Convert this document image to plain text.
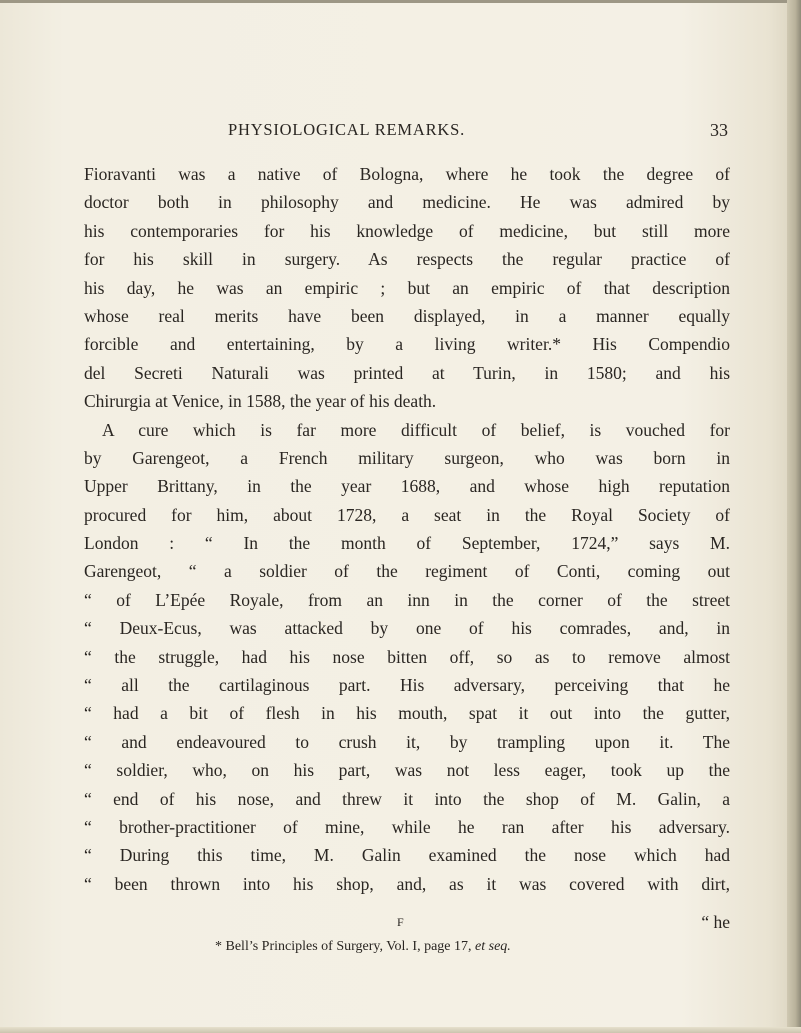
PHYSIOLOGICAL REMARKS.	33
Fioravanti was a native of Bologna, where he took the degree of
doctor both in philosophy and medicine. He was admired by
his contemporaries for his knowledge of medicine, but still more
for his skill in surgery. As respects the regular practice of
his day, he was an empiric ; but an empiric of that description
whose real merits have been displayed, in a manner equally
forcible and entertaining, by a living writer.* His Compendio
del Secreti Naturali was printed at Turin, in 1580; and his
Chirurgia at Venice, in 1588, the year of his death.
A cure which is far more difficult of belief, is vouched for
by Garengeot, a French military surgeon, who was born in
Upper Brittany, in the year 1688, and whose high reputation
procured for him, about 1728, a seat in the Royal Society of
London : “ In the month of September, 1724,” says M.
Garengeot, “ a soldier of the regiment of Conti, coming out
“ of L’Epée Royale, from an inn in the corner of the street
“ Deux-Ecus, was attacked by one of his comrades, and, in
“ the struggle, had his nose bitten off, so as to remove almost
“ all the cartilaginous part. His adversary, perceiving that he
“ had a bit of flesh in his mouth, spat it out into the gutter,
“ and endeavoured to crush it, by trampling upon it. The
“ soldier, who, on his part, was not less eager, took up the
“ end of his nose, and threw it into the shop of M. Galin, a
“ brother-practitioner of mine, while he ran after his adversary.
“ During this time, M. Galin examined the nose which had
“ been thrown into his shop, and, as it was covered with dirt,
F	“ he
* Bell’s Principles of Surgery, Vol. I, page 17, et seq.
